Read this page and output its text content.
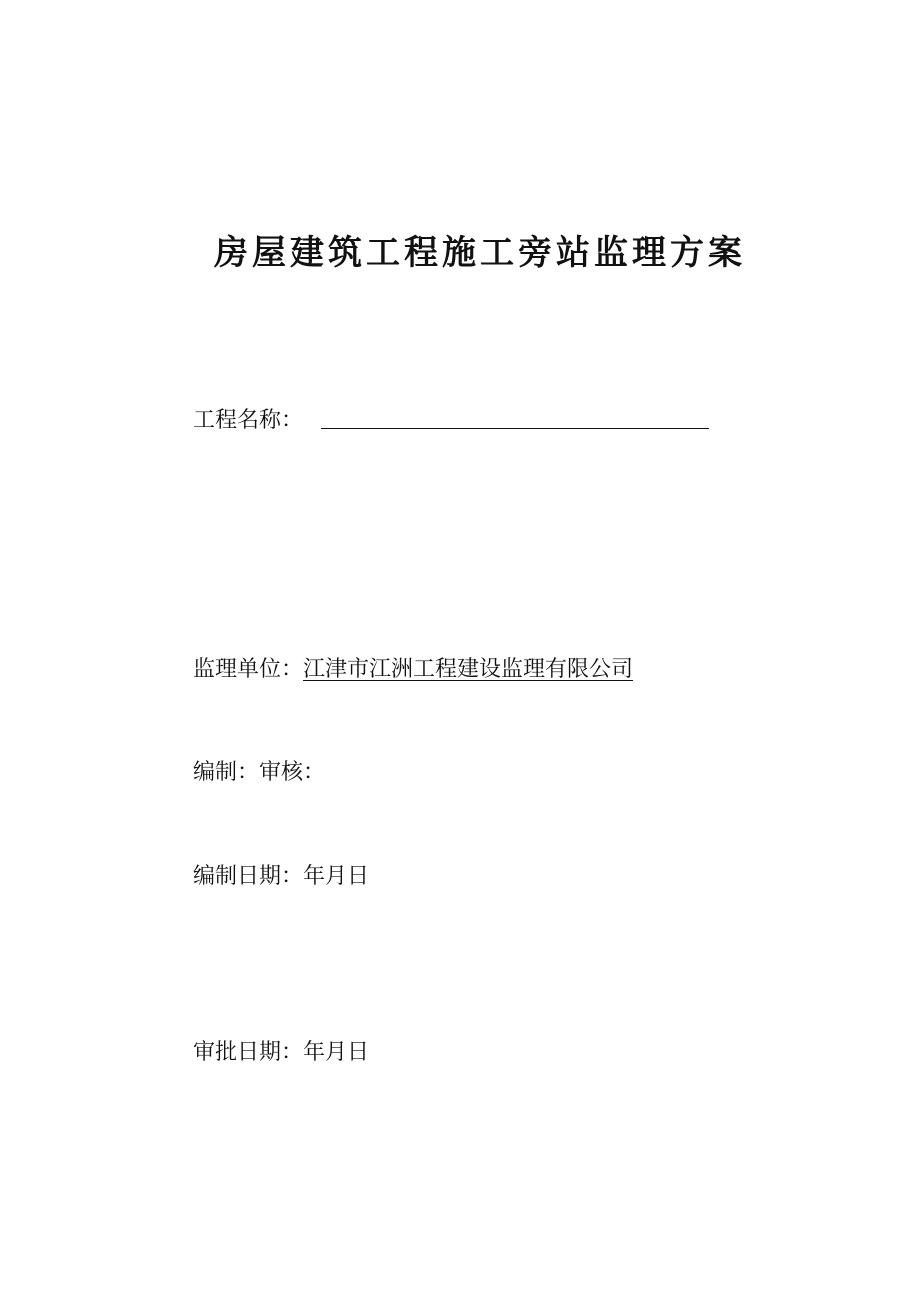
房屋建筑工程施工旁站监理方案
工程名称：
监理单位：江津市江洲工程建设监理有限公司
编制：审核：
编制日期：年月日
审批日期：年月日
